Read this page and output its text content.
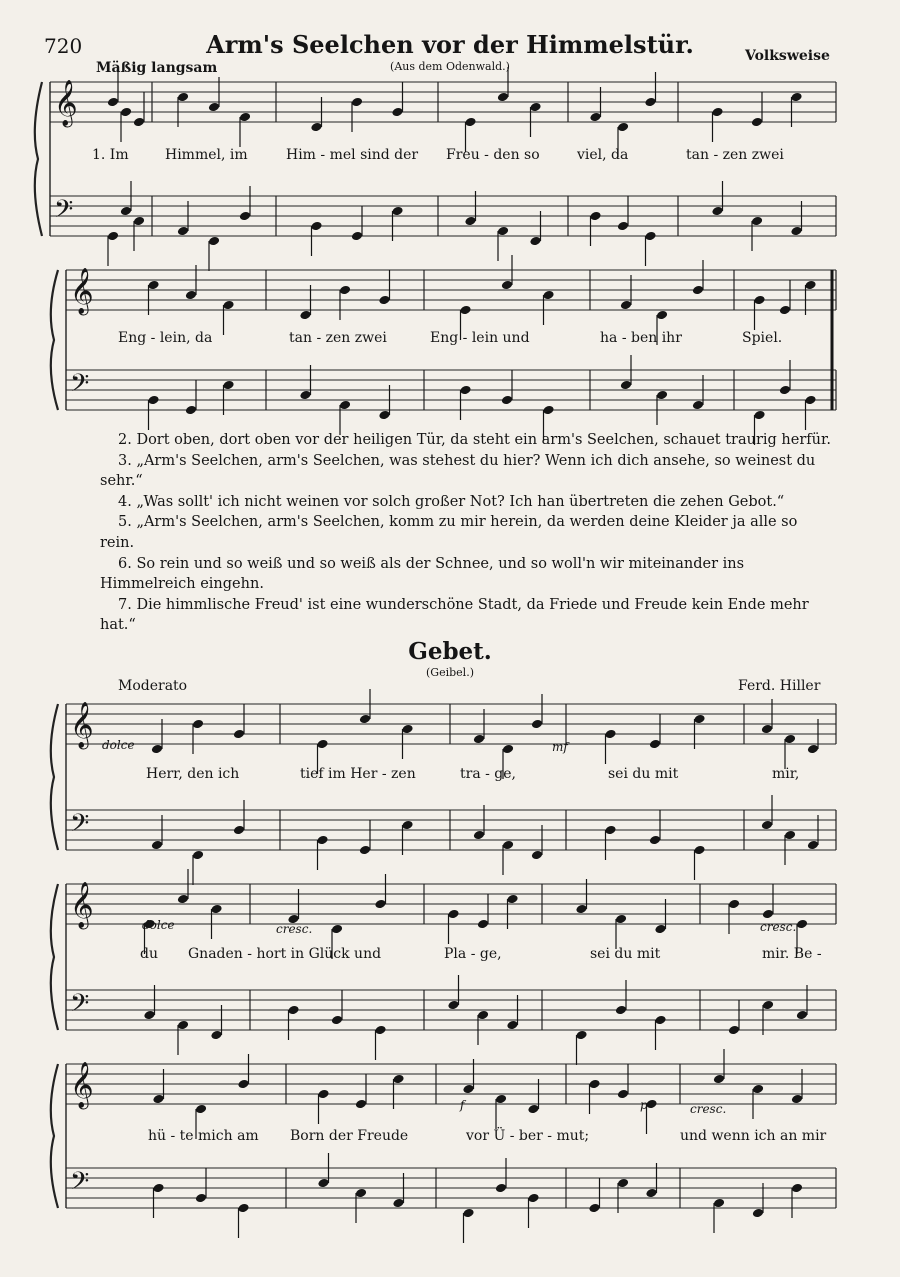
720	Arm's Seelchen vor der Himmelstür.
(Aus dem Odenwald.)
Volksweise
Mäßig langsam
𝄞
𝄢
𝄞
𝄢
𝄞
𝄢
𝄞
𝄢
𝄞
𝄢
1. Im	Himmel, im	Him - mel sind der Freu - den so	viel, da	tan - zen zwei
Eng - lein, da	tan - zen zwei	Eng - lein und	ha - ben ihr	Spiel.

2. Dort oben, dort oben vor der heiligen Tür, da steht ein arm's Seelchen, schauet traurig herfür.

3. „Arm's Seelchen, arm's Seelchen, was stehest du hier? Wenn ich dich ansehe, so weinest du sehr.“

4. „Was sollt' ich nicht weinen vor solch großer Not? Ich han übertreten die zehen Gebot.“

5. „Arm's Seelchen, arm's Seelchen, komm zu mir herein, da werden deine Kleider ja alle so rein.

6. So rein und so weiß und so weiß als der Schnee, und so woll'n wir miteinander ins Himmelreich eingehn.

7. Die himmlische Freud' ist eine wunderschöne Stadt, da Friede und Freude kein Ende mehr hat.“

Gebet.
(Geibel.)
Moderato	Ferd. Hiller
dolce	mf
dolce	cresc.	cresc.
f	p	cresc.
Herr, den ich	tief im Her - zen	tra - ge,	sei du mit	mir,
du Gnaden - hort in Glück und	Pla - ge,	sei du mit	mir. Be -
hü - te mich am Born der Freude	vor Ü - ber - mut;	und wenn ich an mir
